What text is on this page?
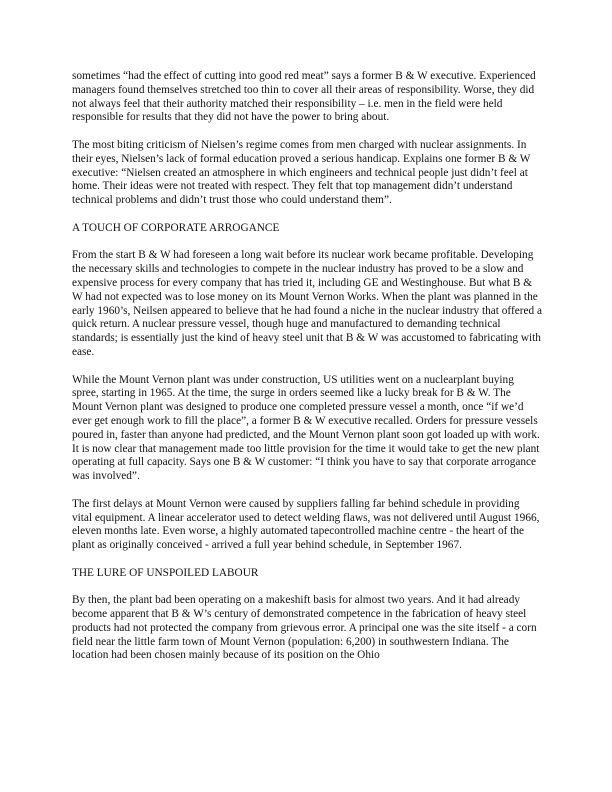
sometimes “had the effect of cutting into good red meat” says a former B & W executive. Experienced managers found themselves stretched too thin to cover all their areas of responsibility. Worse, they did not always feel that their authority matched their responsibility – i.e. men in the field were held responsible for results that they did not have the power to bring about.

The most biting criticism of Nielsen’s regime comes from men charged with nuclear assignments. In their eyes, Nielsen’s lack of formal education proved a serious handicap. Explains one former B & W executive: “Nielsen created an atmosphere in which engineers and technical people just didn’t feel at home. Their ideas were not treated with respect. They felt that top management didn’t understand technical problems and didn’t trust those who could understand them”.

A TOUCH OF CORPORATE ARROGANCE

From the start B & W had foreseen a long wait before its nuclear work became profitable. Developing the necessary skills and technologies to compete in the nuclear industry has proved to be a slow and expensive process for every company that has tried it, including GE and Westinghouse. But what B & W had not expected was to lose money on its Mount Vernon Works. When the plant was planned in the early 1960’s, Neilsen appeared to believe that he had found a niche in the nuclear industry that offered a quick return. A nuclear pressure vessel, though huge and manufactured to demanding technical standards; is essentially just the kind of heavy steel unit that B & W was accustomed to fabricating with ease.

While the Mount Vernon plant was under construction, US utilities went on a nuclearplant buying spree, starting in 1965. At the time, the surge in orders seemed like a lucky break for B & W. The Mount Vernon plant was designed to produce one completed pressure vessel a month, once “if we’d ever get enough work to fill the place”, a former B & W executive recalled. Orders for pressure vessels poured in, faster than anyone had predicted, and the Mount Vernon plant soon got loaded up with work. It is now clear that management made too little provision for the time it would take to get the new plant operating at full capacity. Says one B & W customer: “I think you have to say that corporate arrogance was involved”.

The first delays at Mount Vernon were caused by suppliers falling far behind schedule in providing vital equipment. A linear accelerator used to detect welding flaws, was not delivered until August 1966, eleven months late. Even worse, a highly automated tapecontrolled machine centre - the heart of the plant as originally conceived - arrived a full year behind schedule, in September 1967.

THE LURE OF UNSPOILED LABOUR

By then, the plant bad been operating on a makeshift basis for almost two years. And it had already become apparent that B & W’s century of demonstrated competence in the fabrication of heavy steel products had not protected the company from grievous error. A principal one was the site itself - a corn field near the little farm town of Mount Vernon (population: 6,200) in southwestern Indiana. The location had been chosen mainly because of its position on the Ohio
